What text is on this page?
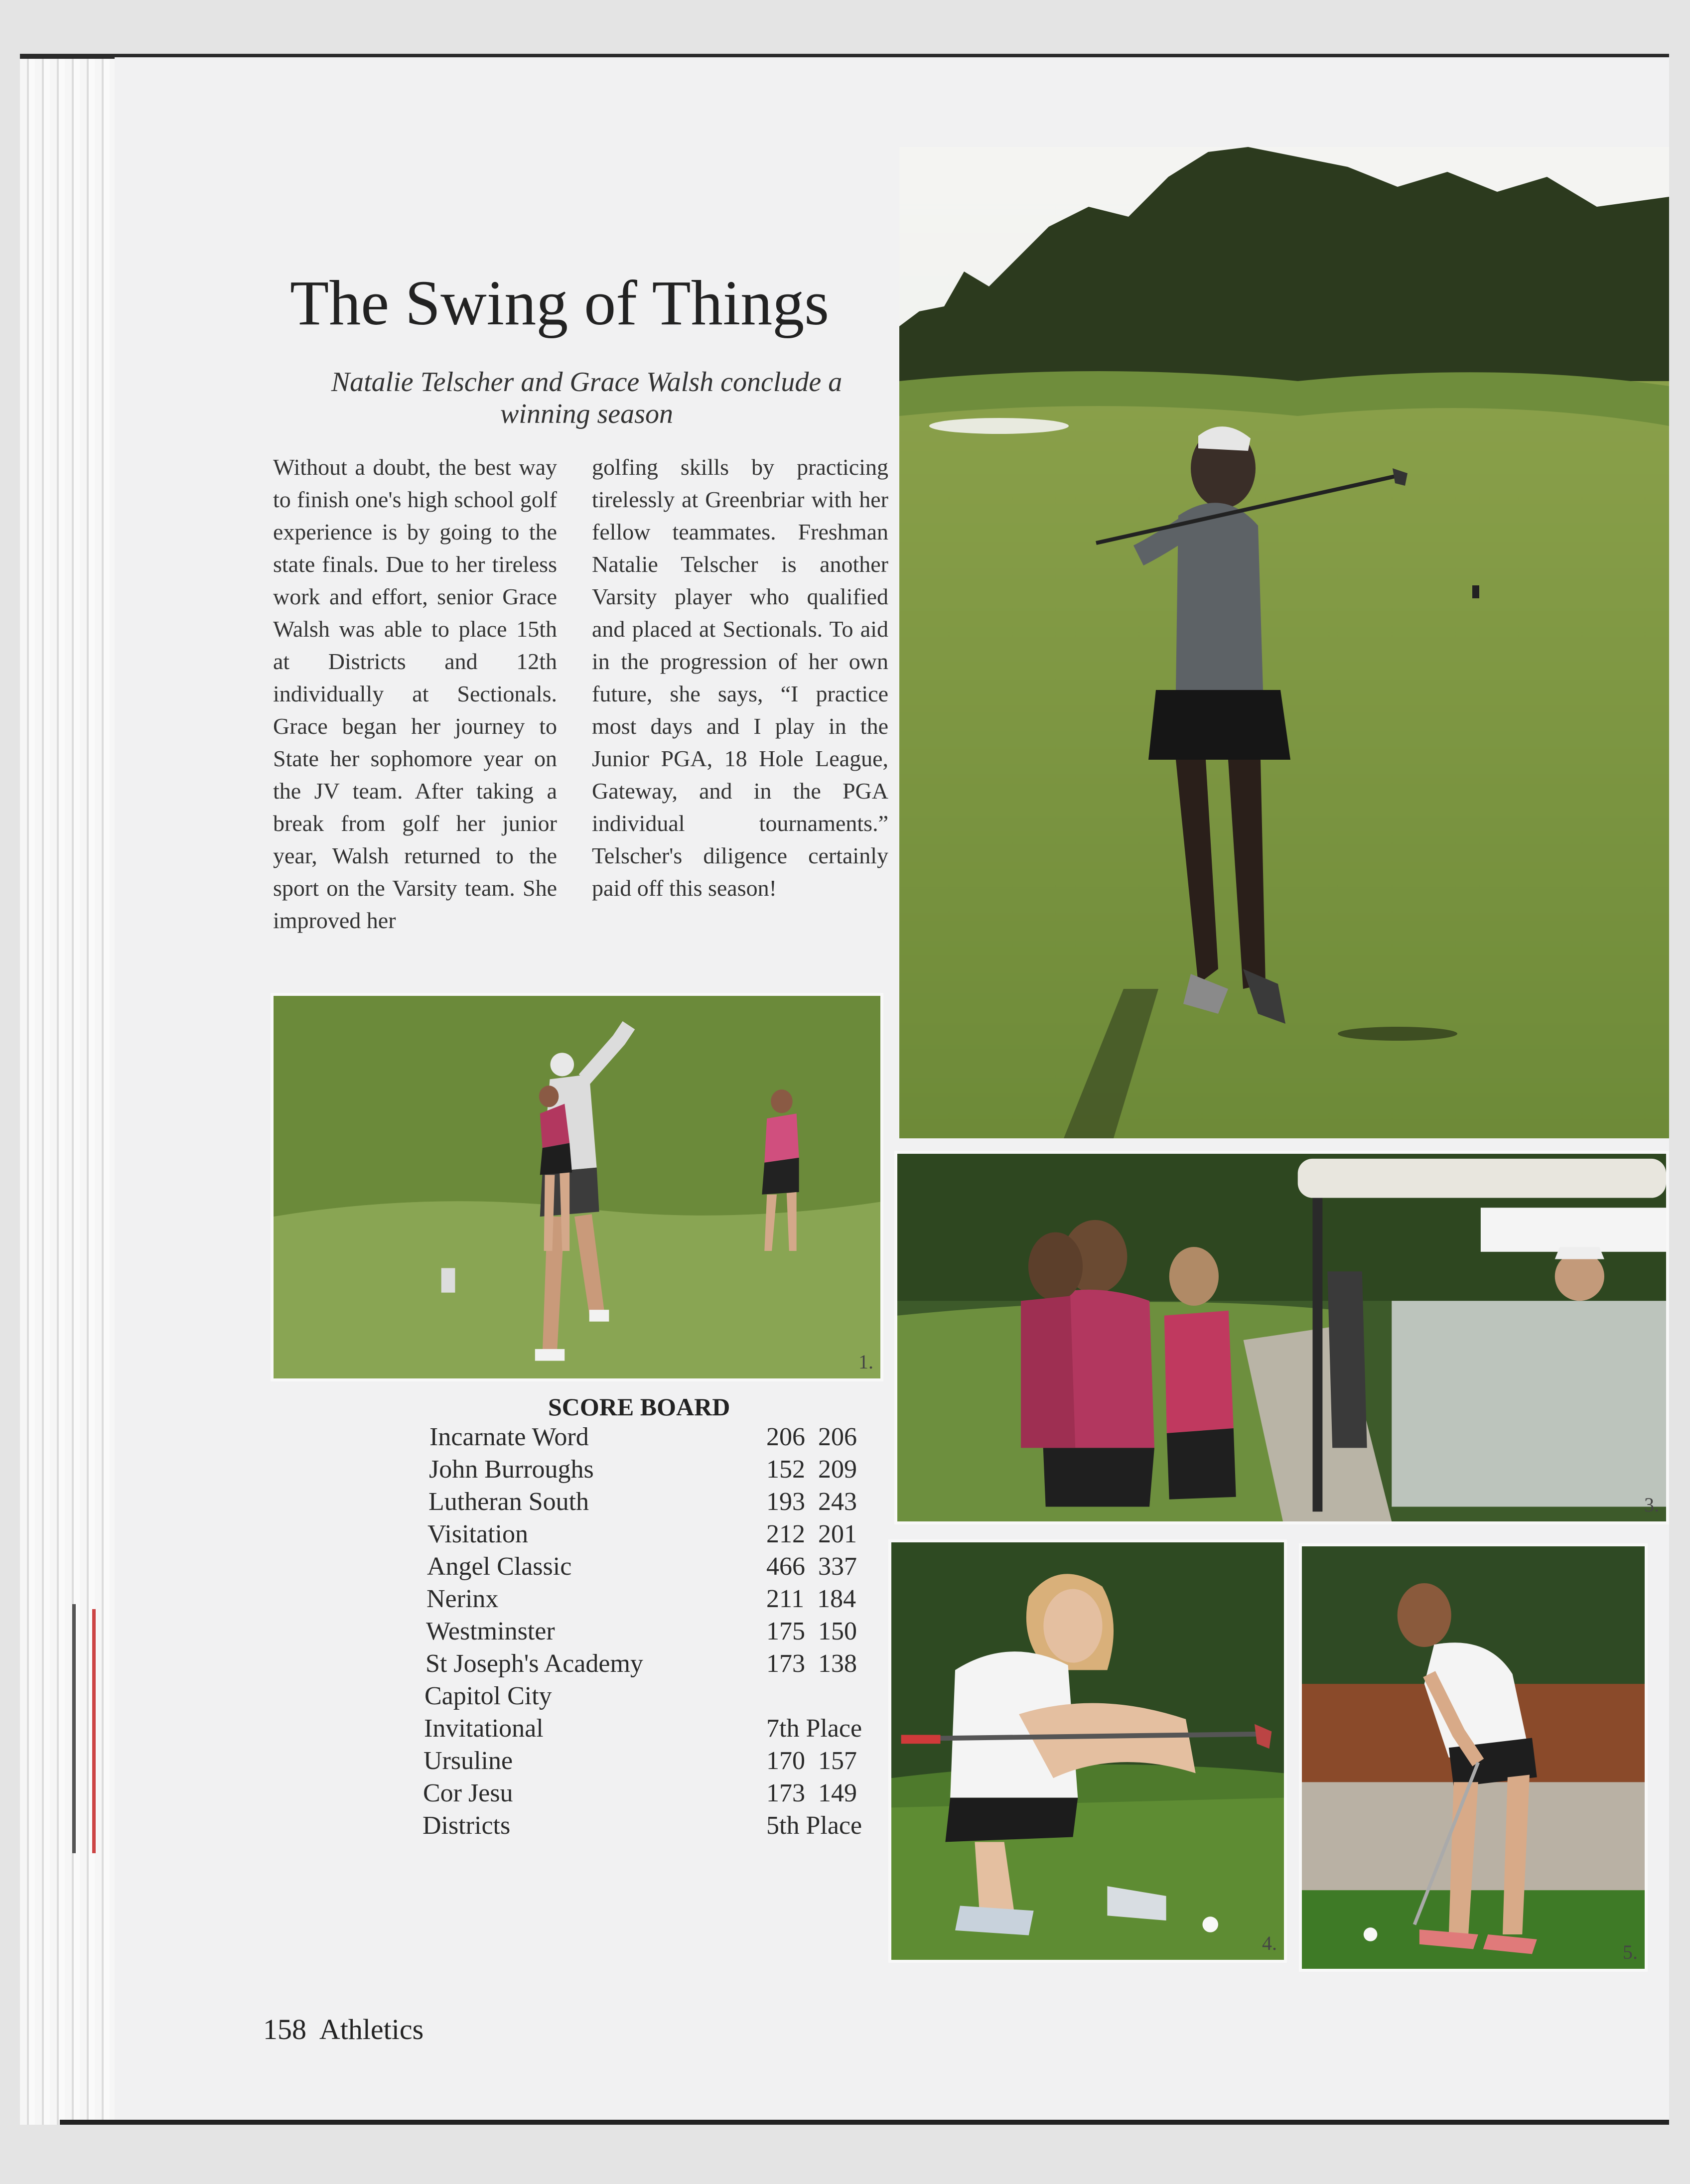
The Swing of Things

Natalie Telscher and Grace Walsh conclude a winning season

Without a doubt, the best way to finish one's high school golf experience is by going to the state finals. Due to her tireless work and effort, senior Grace Walsh was able to place 15th at Districts and 12th individually at Sectionals. Grace began her journey to State her sophomore year on the JV team. After taking a break from golf her junior year, Walsh returned to the sport on the Varsity team. She improved her

golfing skills by practicing tirelessly at Greenbriar with her fellow teammates. Freshman Natalie Telscher is another Varsity player who qualified and placed at Sectionals. To aid in the progression of her own future, she says, “I practice most days and I play in the Junior PGA, 18 Hole League, Gateway, and in the PGA individual tournaments.” Telscher's diligence certainly paid off this season!

1.
3.
4.	5.
SCORE BOARD
Incarnate Word	206  206
John Burroughs	152  209
Lutheran South	193  243
Visitation	212  201
Angel Classic	466  337
Nerinx	211  184
Westminster	175  150
St Joseph's Academy	173  138
Capitol City
Invitational	7th Place
Ursuline	170  157
Cor Jesu	173  149
Districts	5th Place
158 Athletics
